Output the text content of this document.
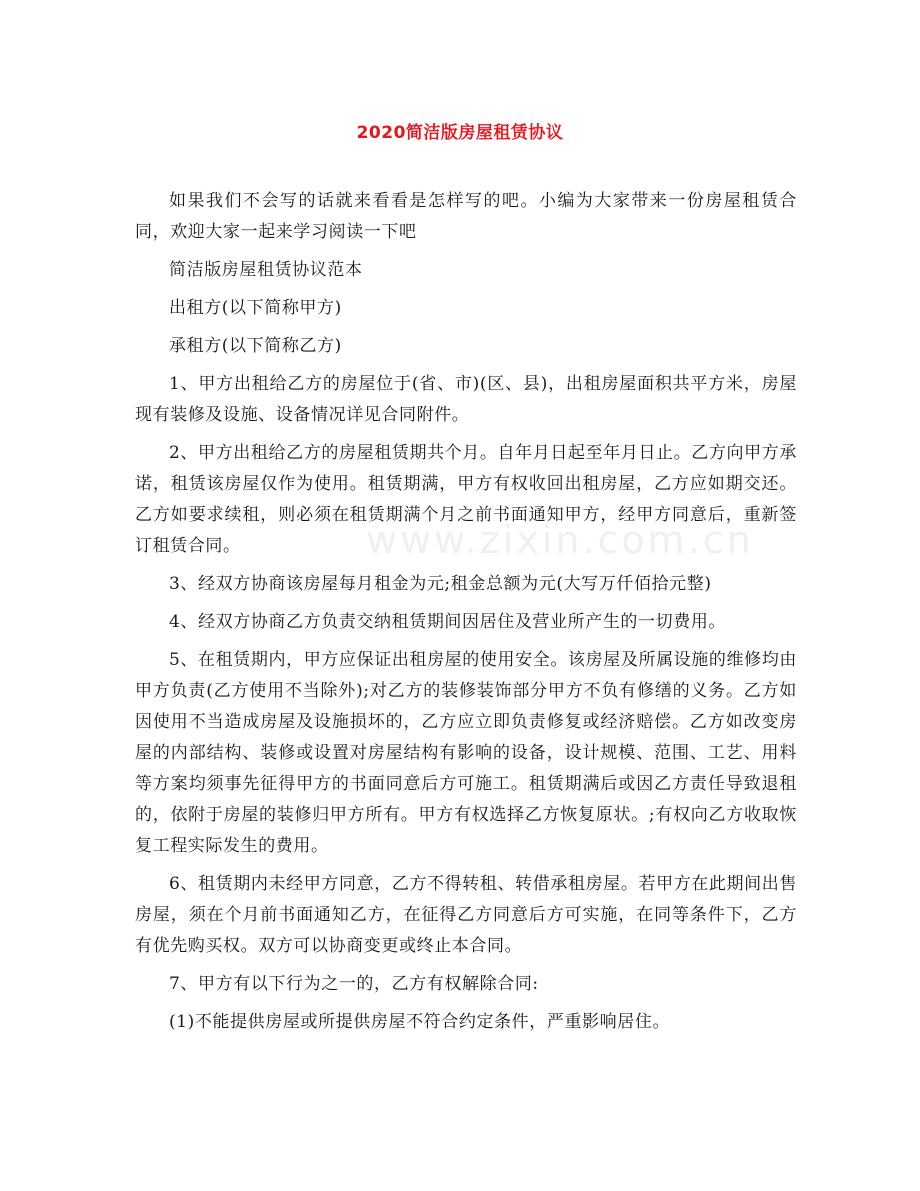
2020简洁版房屋租赁协议
www.zixin.com.cn

如果我们不会写的话就来看看是怎样写的吧。小编为大家带来一份房屋租赁合同，欢迎大家一起来学习阅读一下吧

简洁版房屋租赁协议范本

出租方(以下简称甲方)

承租方(以下简称乙方)

1、甲方出租给乙方的房屋位于(省、市)(区、县)，出租房屋面积共平方米，房屋现有装修及设施、设备情况详见合同附件。

2、甲方出租给乙方的房屋租赁期共个月。自年月日起至年月日止。乙方向甲方承诺，租赁该房屋仅作为使用。租赁期满，甲方有权收回出租房屋，乙方应如期交还。乙方如要求续租，则必须在租赁期满个月之前书面通知甲方，经甲方同意后，重新签订租赁合同。

3、经双方协商该房屋每月租金为元;租金总额为元(大写万仟佰拾元整)

4、经双方协商乙方负责交纳租赁期间因居住及营业所产生的一切费用。

5、在租赁期内，甲方应保证出租房屋的使用安全。该房屋及所属设施的维修均由甲方负责(乙方使用不当除外);对乙方的装修装饰部分甲方不负有修缮的义务。乙方如因使用不当造成房屋及设施损坏的，乙方应立即负责修复或经济赔偿。乙方如改变房屋的内部结构、装修或设置对房屋结构有影响的设备，设计规模、范围、工艺、用料等方案均须事先征得甲方的书面同意后方可施工。租赁期满后或因乙方责任导致退租的，依附于房屋的装修归甲方所有。甲方有权选择乙方恢复原状。;有权向乙方收取恢复工程实际发生的费用。

6、租赁期内未经甲方同意，乙方不得转租、转借承租房屋。若甲方在此期间出售房屋，须在个月前书面通知乙方，在征得乙方同意后方可实施，在同等条件下，乙方有优先购买权。双方可以协商变更或终止本合同。

7、甲方有以下行为之一的，乙方有权解除合同:

(1)不能提供房屋或所提供房屋不符合约定条件，严重影响居住。
